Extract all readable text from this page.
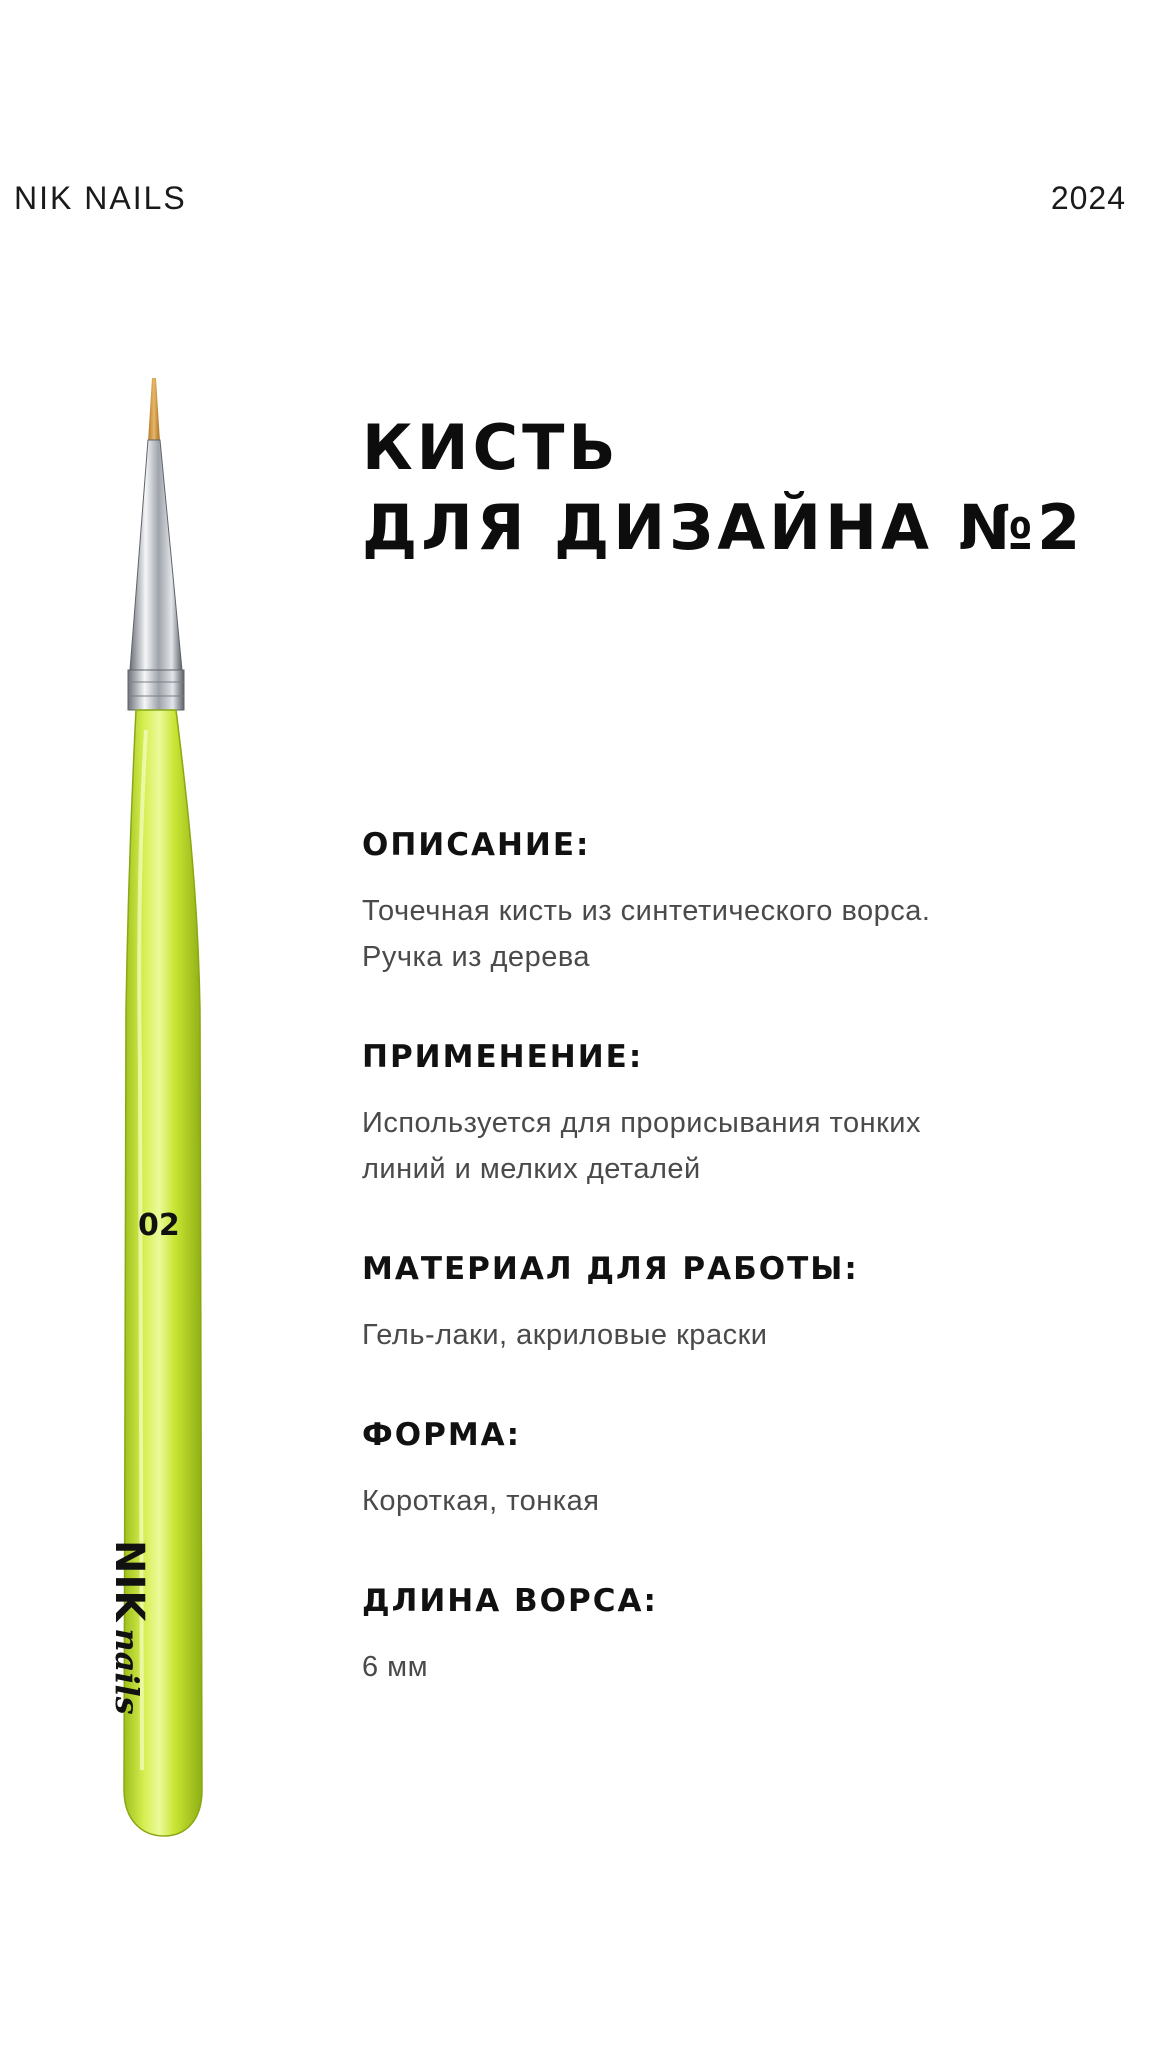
NIK NAILS	2024
КИСТЬ
ДЛЯ ДИЗАЙНА №2
02
NIKnails

ОПИСАНИЕ:

Точечная кисть из синтетического ворса.
Ручка из дерева

ПРИМЕНЕНИЕ:

Используется для прорисывания тонких
линий и мелких деталей

МАТЕРИАЛ ДЛЯ РАБОТЫ:

Гель-лаки, акриловые краски

ФОРМА:

Короткая, тонкая

ДЛИНА ВОРСА:

6 мм
